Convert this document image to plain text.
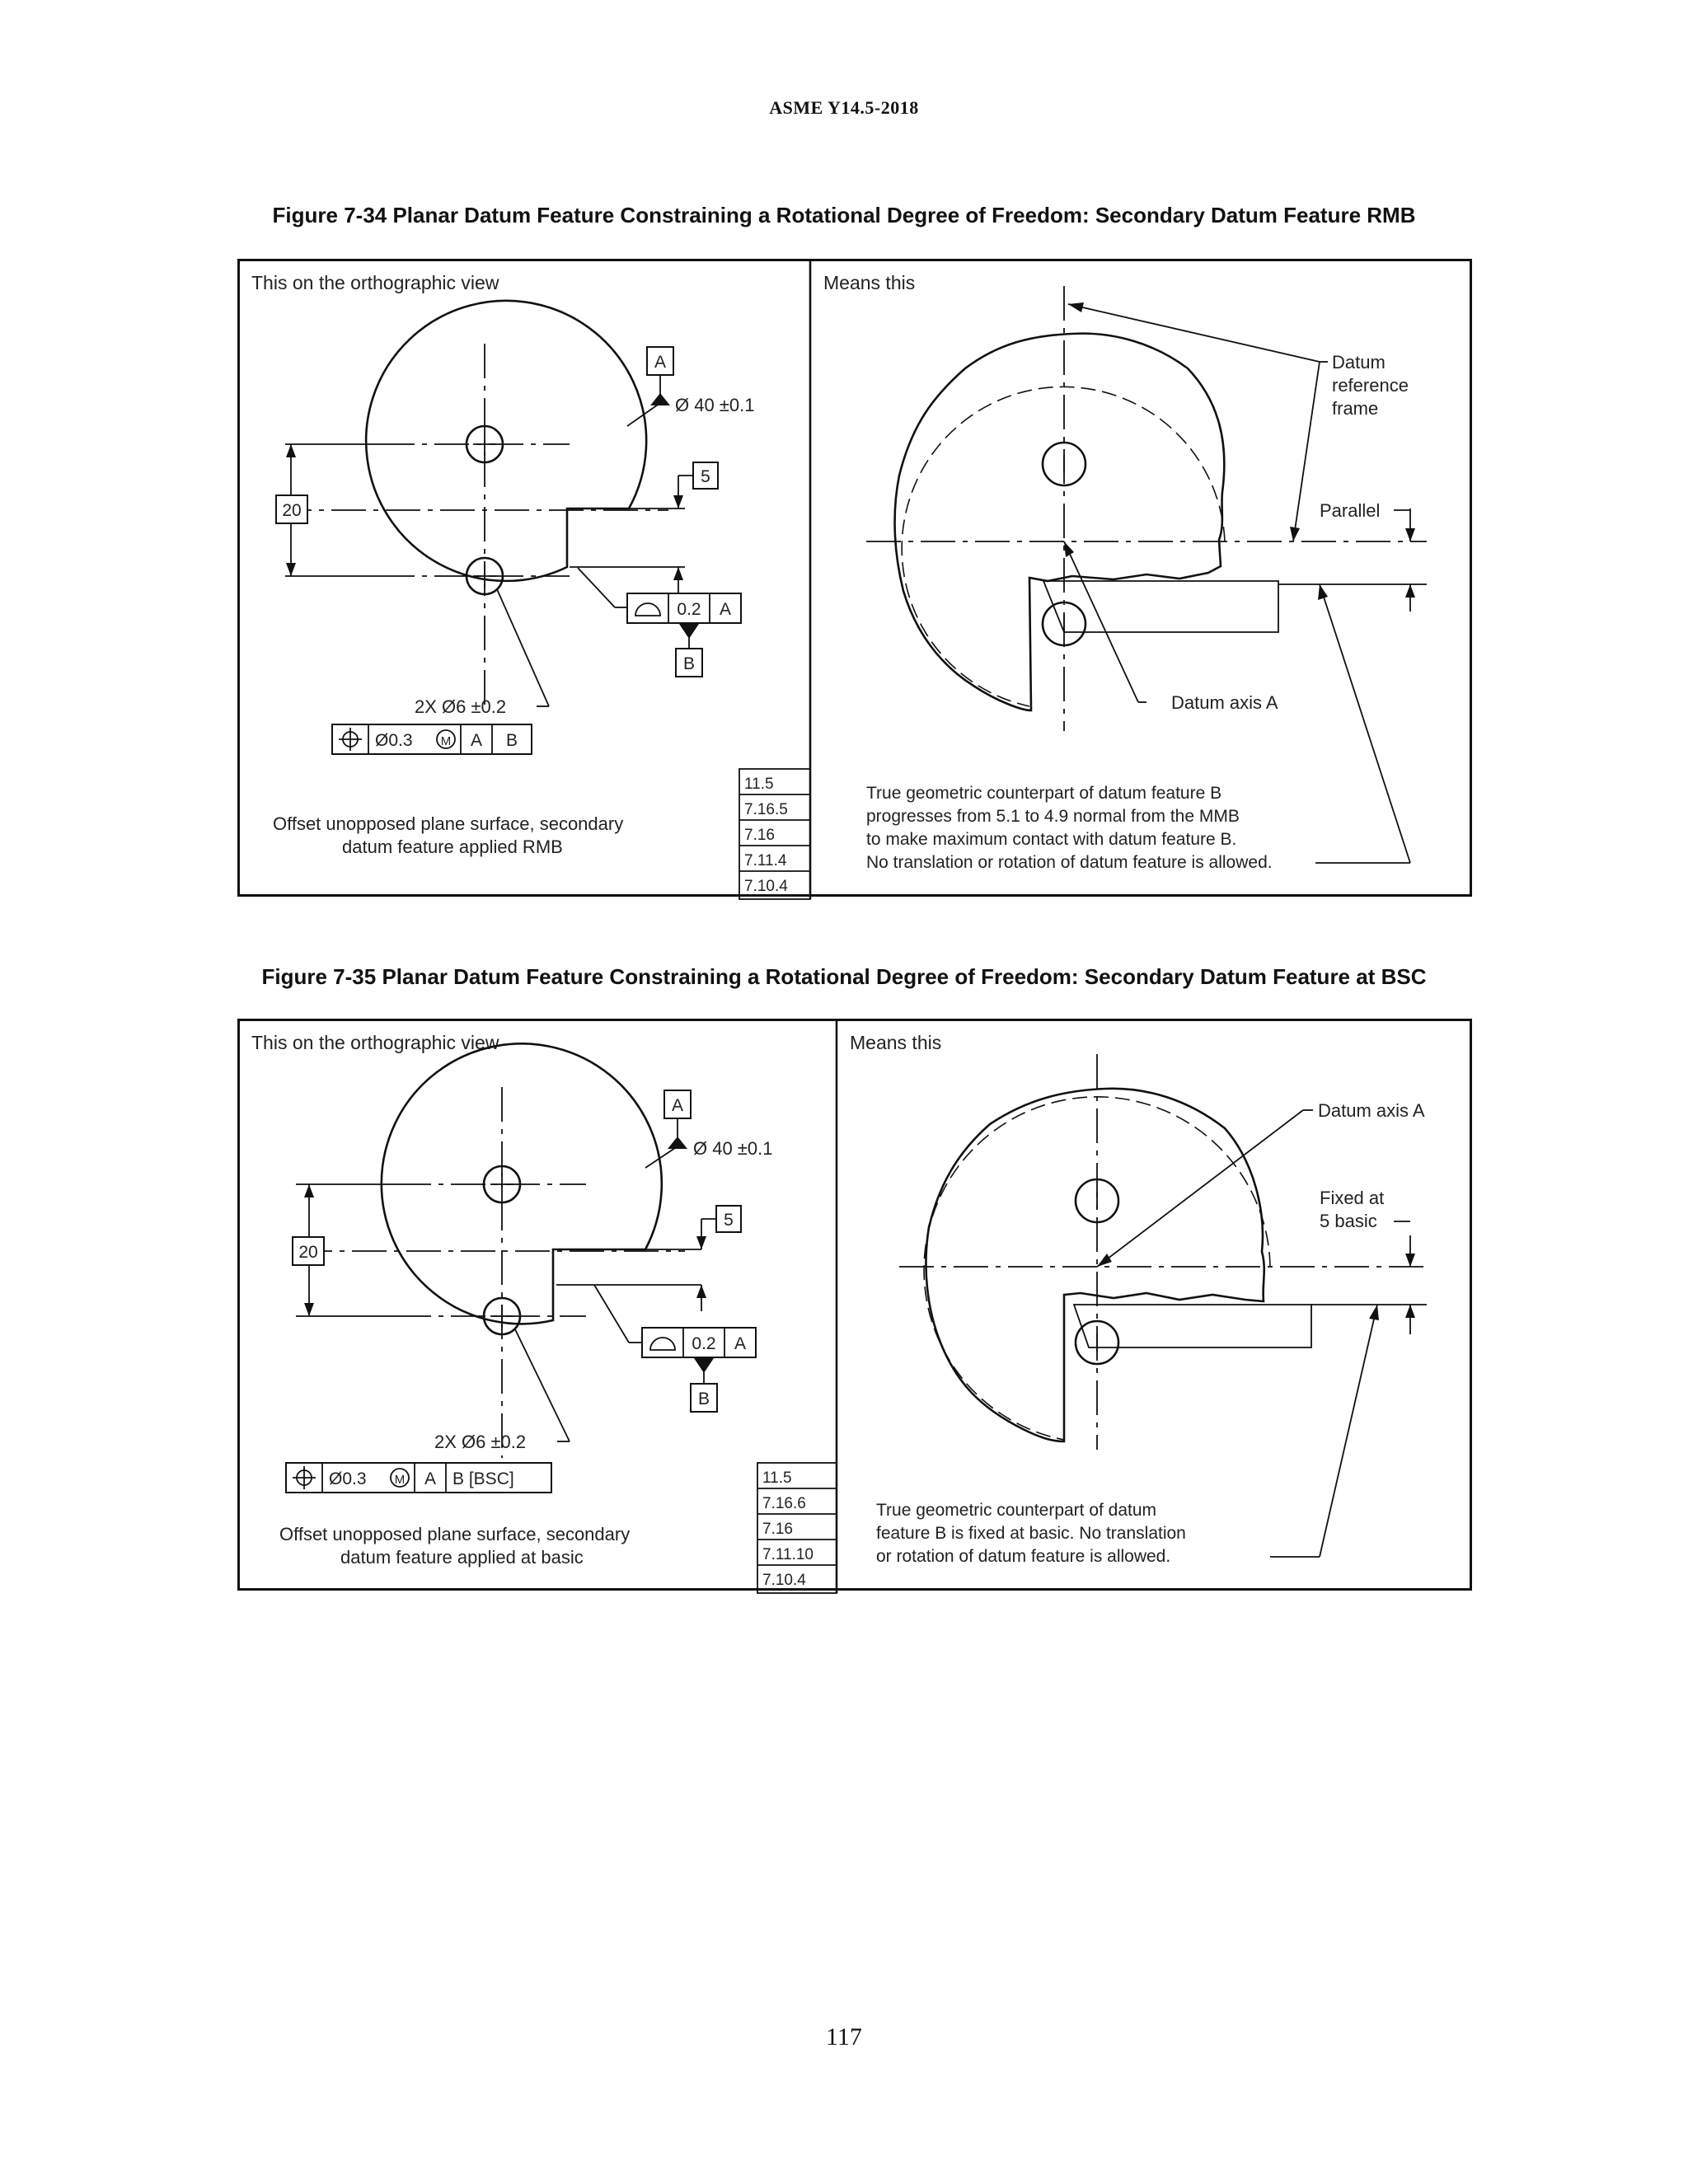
ASME Y14.5-2018
Figure 7-34 Planar Datum Feature Constraining a Rotational Degree of Freedom: Secondary Datum Feature RMB
This on the orthographic view	Means this
20
A
Ø 40 ±0.1
5
0.2 A
B
2X Ø6 ±0.2
Ø0.3 M A B
Offset unopposed plane surface, secondary
datum feature applied RMB
11.5
7.16.5
7.16
7.11.4
7.10.4
Datum
reference
frame
Parallel
Datum axis A
True geometric counterpart of datum feature B
progresses from 5.1 to 4.9 normal from the MMB
to make maximum contact with datum feature B.
No translation or rotation of datum feature is allowed.
Figure 7-35 Planar Datum Feature Constraining a Rotational Degree of Freedom: Secondary Datum Feature at BSC
This on the orthographic view	Means this
20
A
Ø 40 ±0.1
5
0.2 A
B
2X Ø6 ±0.2
Ø0.3 M A B [BSC]
Offset unopposed plane surface, secondary
datum feature applied at basic
11.5
7.16.6
7.16
7.11.10
7.10.4
Datum axis A
Fixed at
5 basic
True geometric counterpart of datum
feature B is fixed at basic. No translation
or rotation of datum feature is allowed.
117
